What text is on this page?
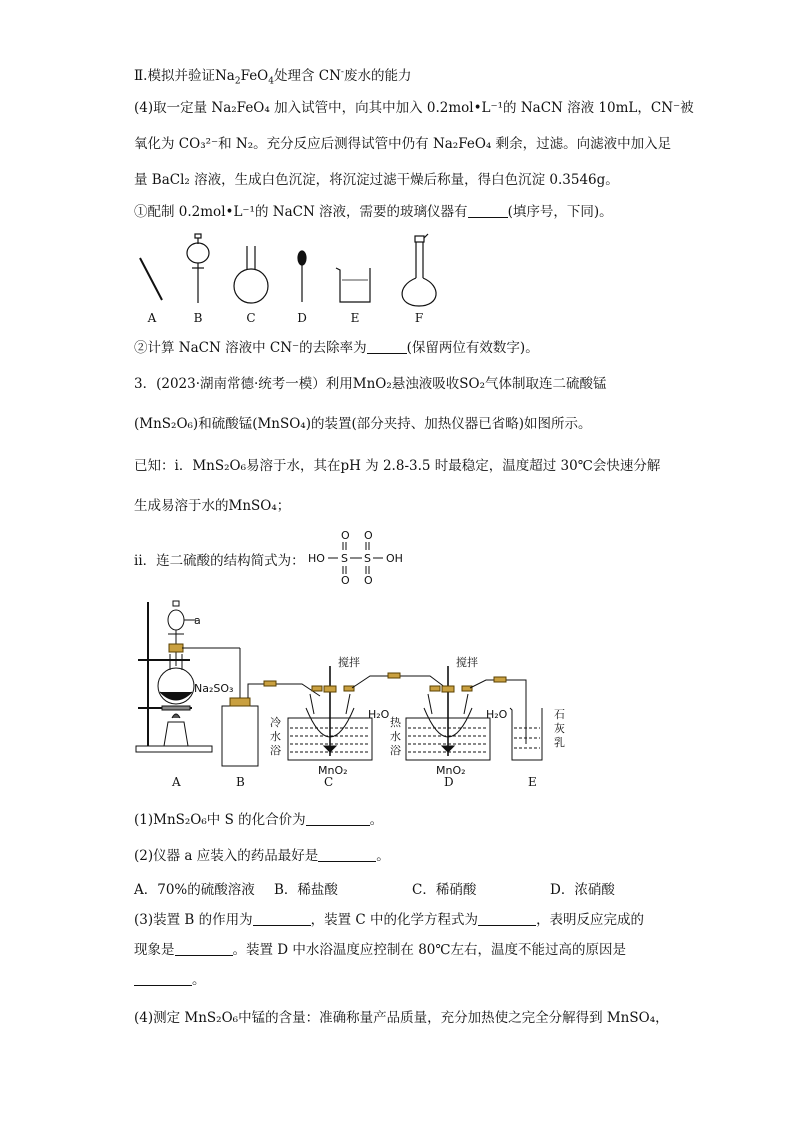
Ⅱ.模拟并验证$Na_2FeO_4$处理含 CN-废水的能力
(4)取一定量 Na₂FeO₄ 加入试管中，向其中加入 0.2mol•L⁻¹的 NaCN 溶液 10mL，CN⁻被
氧化为 CO₃²⁻和 N₂。充分反应后测得试管中仍有 Na₂FeO₄ 剩余，过滤。向滤液中加入足
量 BaCl₂ 溶液，生成白色沉淀，将沉淀过滤干燥后称量，得白色沉淀 0.3546g。
①配制 0.2mol•L⁻¹的 NaCN 溶液，需要的玻璃仪器有	(填序号，下同)。
A	B	C	D	E	F
②计算 NaCN 溶液中 CN⁻的去除率为	(保留两位有效数字)。
3．(2023·湖南常德·统考一模）利用MnO₂悬浊液吸收SO₂气体制取连二硫酸锰
(MnS₂O₆)和硫酸锰(MnSO₄)的装置(部分夹持、加热仪器已省略)如图所示。
已知：ⅰ．MnS₂O₆易溶于水，其在pH 为 2.8-3.5 时最稳定，温度超过 30℃会快速分解
生成易溶于水的MnSO₄；
ⅱ．连二硫酸的结构简式为： HO S S OH
O O
O O
a
Na₂SO₃
搅拌	搅拌
H₂O	H₂O
MnO₂	MnO₂
冷
水
浴
热
水
浴
石
灰
乳
A	B	C	D	E
(1)MnS₂O₆中 S 的化合价为	。
(2)仪器 a 应装入的药品最好是	。
A．70%的硫酸溶液 B．稀盐酸	C．稀硝酸	D．浓硝酸
(3)装置 B 的作用为	，装置 C 中的化学方程式为	，表明反应完成的
现象是	。装置 D 中水浴温度应控制在 80℃左右，温度不能过高的原因是
。
(4)测定 MnS₂O₆中锰的含量：准确称量产品质量，充分加热使之完全分解得到 MnSO₄，
